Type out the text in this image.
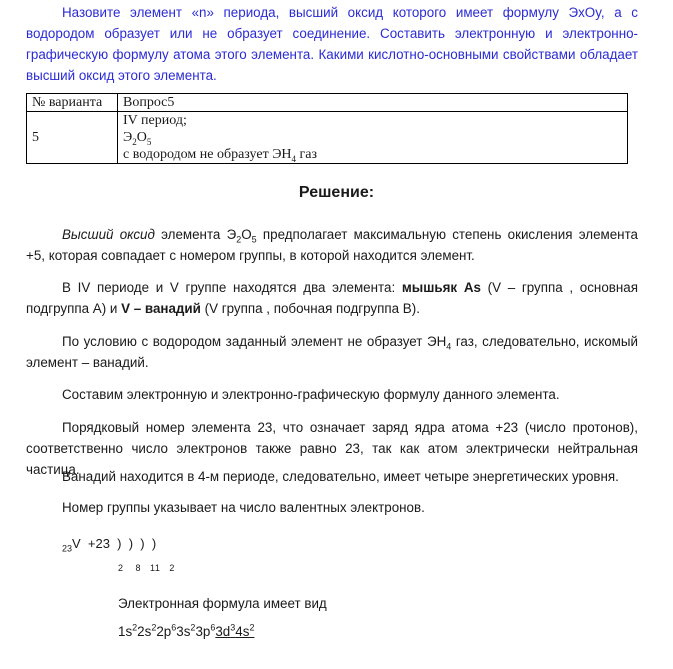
Назовите элемент «n» периода, высший оксид которого имеет формулу ЭxOy, а с водородом образует или не образует соединение. Составить электронную и электронно-графическую формулу атома этого элемента. Какими кислотно-основными свойствами обладает высший оксид этого элемента.
№ варианта	Вопрос5
5	IV период;
$Э_2O_5$
с водородом не образует $ЭН_4$ газ
Решение:
Высший оксид элемента $Э_2O_5$ предполагает максимальную степень окисления элемента +5, которая совпадает с номером группы, в которой находится элемент.
В IV периоде и V группе находятся два элемента: мышьяк As (V – группа , основная подгруппа А) и V – ванадий (V группа , побочная подгруппа В).
По условию с водородом заданный элемент не образует $ЭН_4$ газ, следовательно, искомый элемент – ванадий.
Составим электронную и электронно-графическую формулу данного элемента.
Порядковый номер элемента 23, что означает заряд ядра атома +23 (число протонов), соответственно число электронов также равно 23, так как атом электрически нейтральная частица.
Ванадий находится в 4-м периоде, следовательно, имеет четыре энергетических уровня.
Номер группы указывает на число валентных электронов.
$_{23}$V  +23  )  )  )  )
2    8   11   2
Электронная формула имеет вид
$1s^22s^22p^63s^23p^63d^34s^2$
